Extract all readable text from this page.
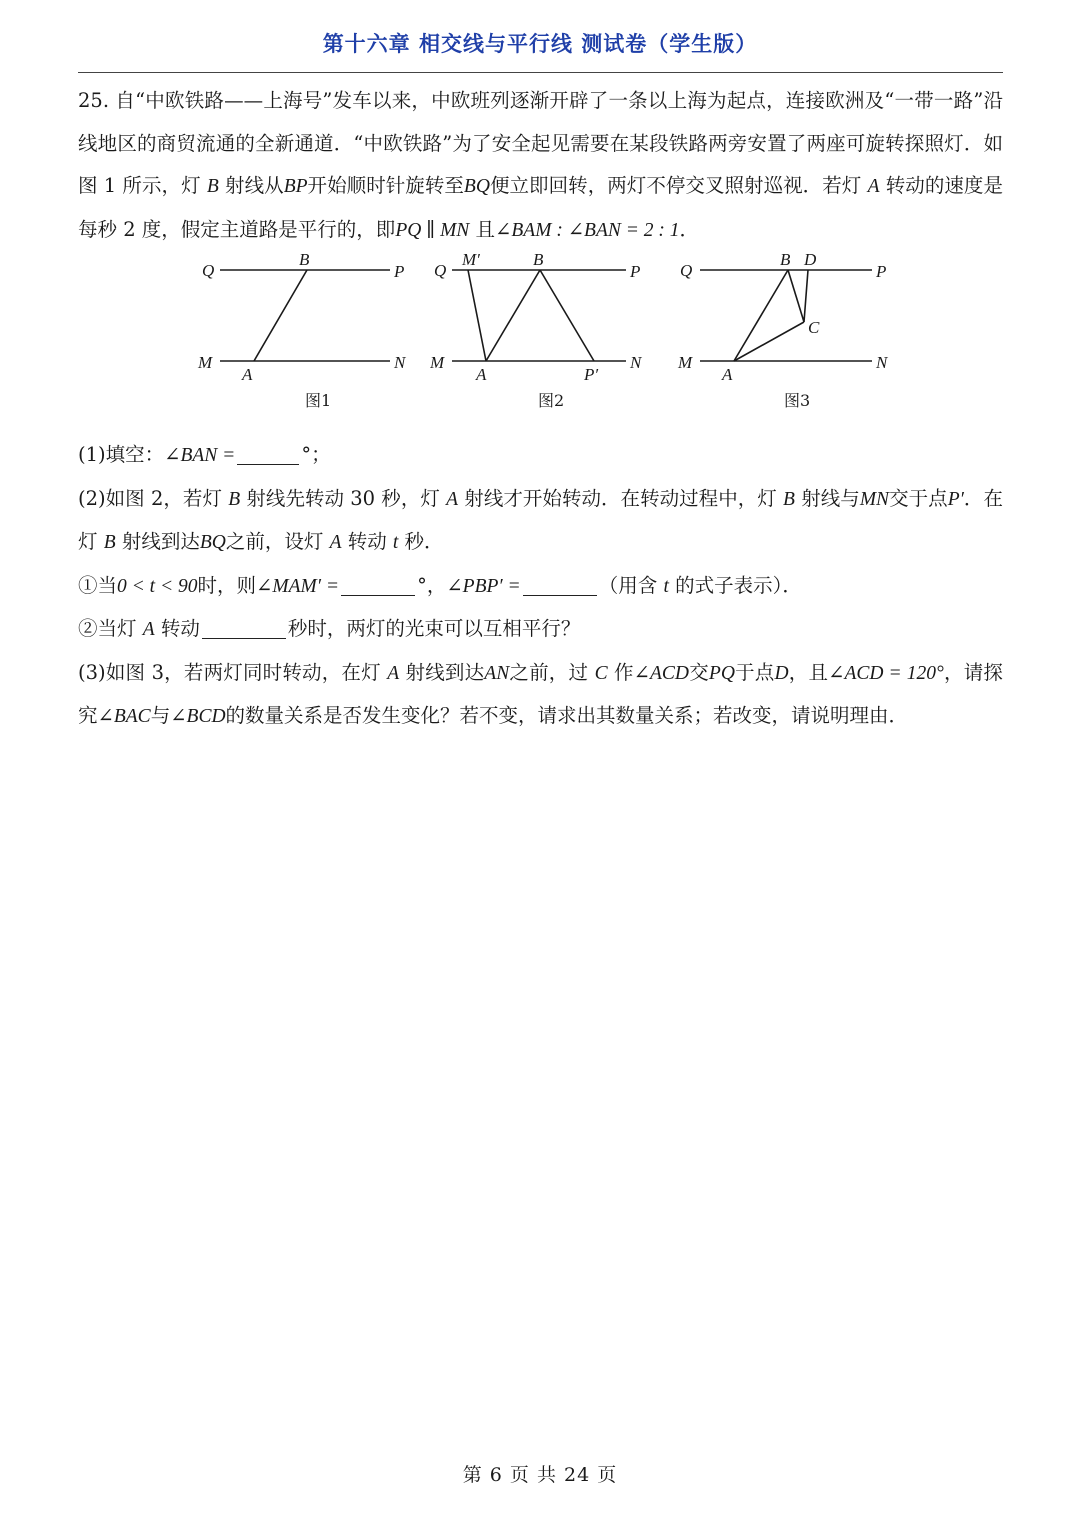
第十六章 相交线与平行线 测试卷（学生版）

25. 自“中欧铁路——上海号”发车以来，中欧班列逐渐开辟了一条以上海为起点，连接欧洲及“一带一路”沿线地区的商贸流通的全新通道．“中欧铁路”为了安全起见需要在某段铁路两旁安置了两座可旋转探照灯．如图 1 所示，灯 B 射线从BP开始顺时针旋转至BQ便立即回转，两灯不停交叉照射巡视．若灯 A 转动的速度是每秒 2 度，假定主道路是平行的，即PQ ∥ MN 且∠BAM : ∠BAN = 2 : 1．

(1)填空：∠BAN =	°；

(2)如图 2，若灯 B 射线先转动 30 秒，灯 A 射线才开始转动．在转动过程中，灯 B 射线与MN交于点P′．在灯 B 射线到达BQ之前，设灯 A 转动 t 秒．

①当0 < t < 90时，则∠MAM′ =	°，∠PBP′ =	（用含 t 的式子表示）．

②当灯 A 转动	秒时，两灯的光束可以互相平行？

(3)如图 3，若两灯同时转动，在灯 A 射线到达AN之前，过 C 作∠ACD交PQ于点D，且∠ACD = 120°，请探究∠BAC与∠BCD的数量关系是否发生变化？若不变，请求出其数量关系；若改变，请说明理由．

Q
B
P
M
A
N
图1
Q
M′	B
P
M
A	P′
N
图2
Q
B D
P
C
M
A
N
图3
第 6 页 共 24 页
